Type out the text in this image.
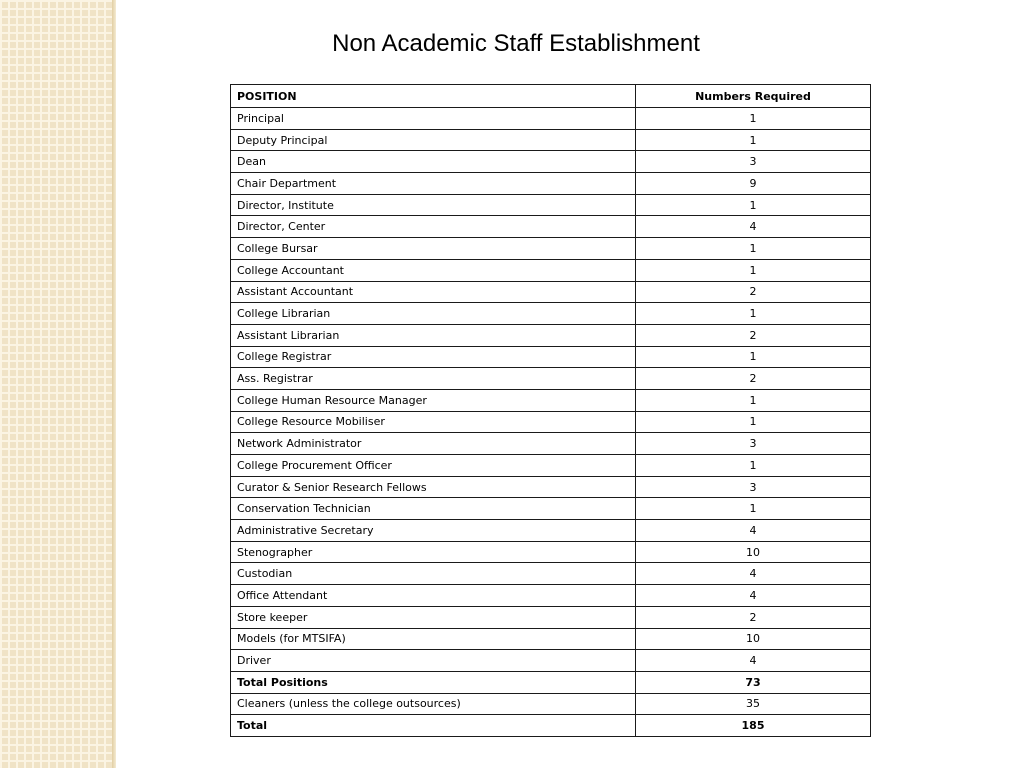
Non Academic Staff Establishment
POSITION	Numbers Required
Principal	1
Deputy Principal	1
Dean	3
Chair Department	9
Director, Institute	1
Director, Center	4
College Bursar	1
College Accountant	1
Assistant Accountant	2
College Librarian	1
Assistant Librarian	2
College Registrar	1
Ass. Registrar	2
College Human Resource Manager	1
College Resource Mobiliser	1
Network Administrator	3
College Procurement Officer	1
Curator & Senior Research Fellows	3
Conservation Technician	1
Administrative Secretary	4
Stenographer	10
Custodian	4
Office Attendant	4
Store keeper	2
Models (for MTSIFA)	10
Driver	4
Total Positions	73
Cleaners (unless the college outsources)	35
Total	185
